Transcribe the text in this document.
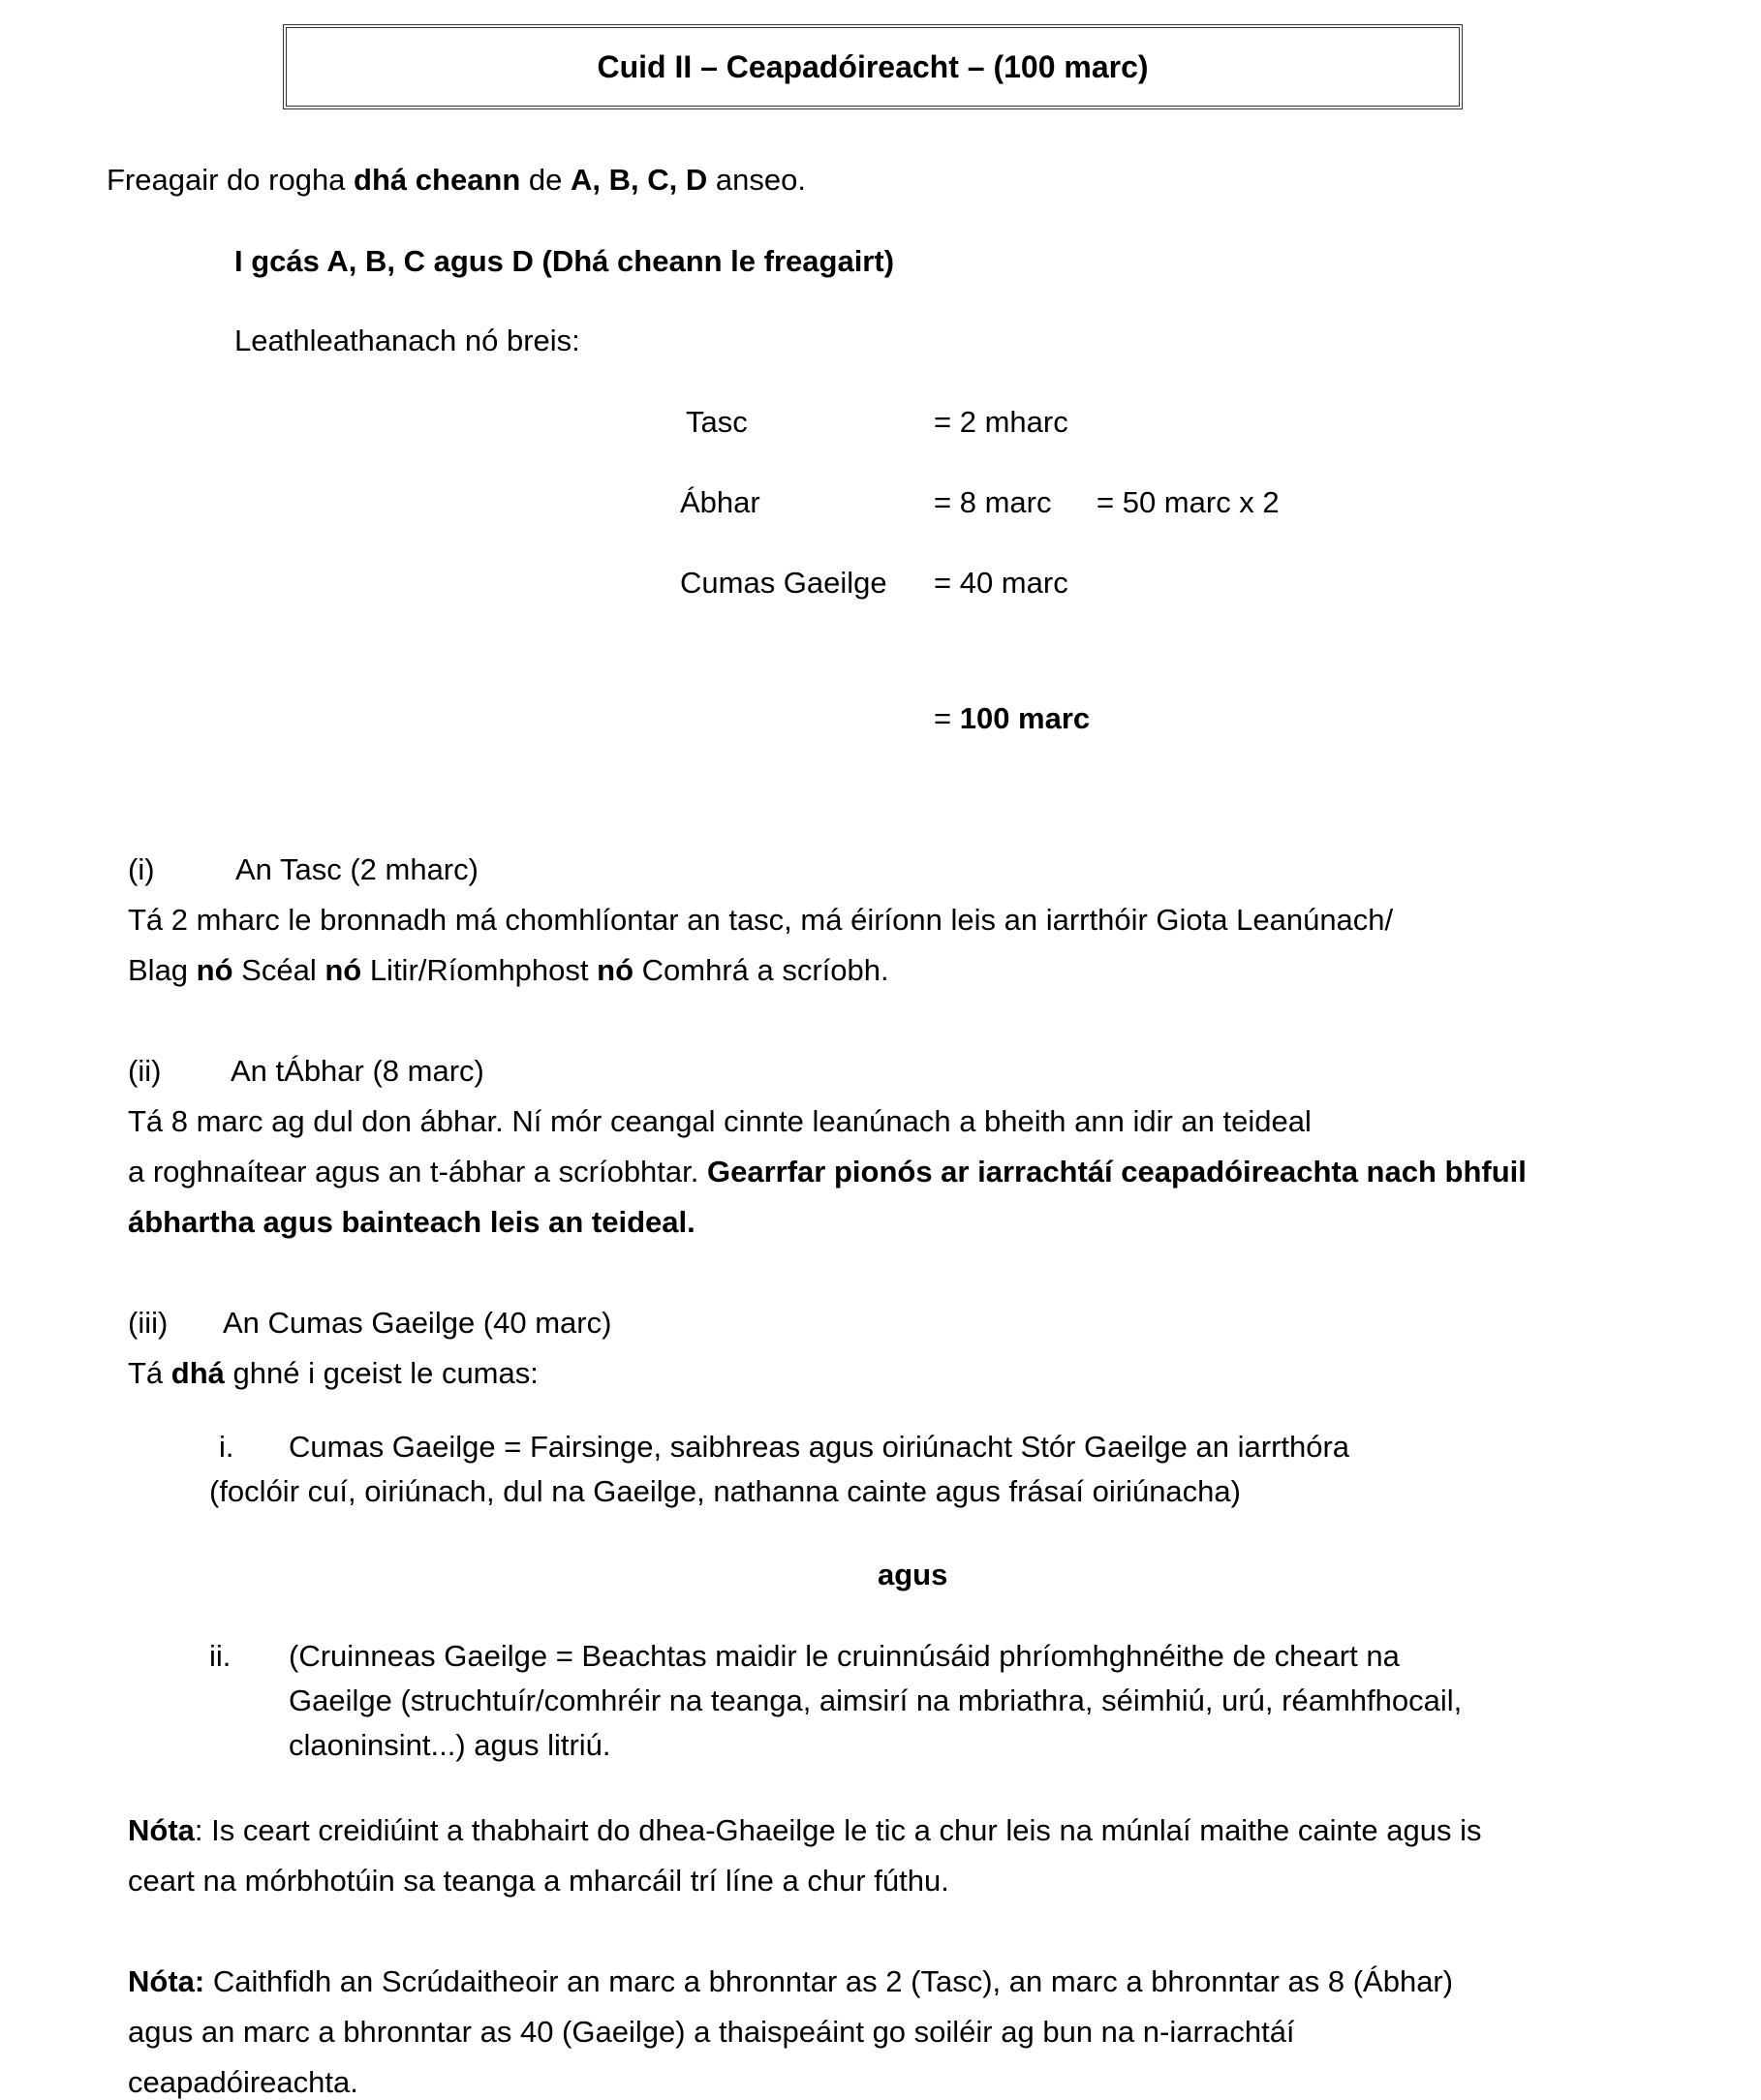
Cuid II – Ceapadóireacht – (100 marc)
Freagair do rogha dhá cheann de A, B, C, D anseo.
I gcás A, B, C agus D (Dhá cheann le freagairt)
Leathleathanach nó breis:
Tasc	= 2 mharc
Ábhar	= 8 marc = 50 marc x 2
Cumas Gaeilge = 40 marc
= 100 marc
(i)	An Tasc (2 mharc)
Tá 2 mharc le bronnadh má chomhlíontar an tasc, má éiríonn leis an iarrthóir Giota Leanúnach/
Blag nó Scéal nó Litir/Ríomhphost nó Comhrá a scríobh.
(ii) An tÁbhar (8 marc)
Tá 8 marc ag dul don ábhar. Ní mór ceangal cinnte leanúnach a bheith ann idir an teideal
a roghnaítear agus an t-ábhar a scríobhtar. Gearrfar pionós ar iarrachtáí ceapadóireachta nach bhfuil
ábhartha agus bainteach leis an teideal.
(iii) An Cumas Gaeilge (40 marc)
Tá dhá ghné i gceist le cumas:
i. Cumas Gaeilge = Fairsinge, saibhreas agus oiriúnacht Stór Gaeilge an iarrthóra
(foclóir cuí, oiriúnach, dul na Gaeilge, nathanna cainte agus frásaí oiriúnacha)
agus
ii. (Cruinneas Gaeilge = Beachtas maidir le cruinnúsáid phríomhghnéithe de cheart na
Gaeilge (struchtuír/comhréir na teanga, aimsirí na mbriathra, séimhiú, urú, réamhfhocail,
claoninsint...) agus litriú.
Nóta: Is ceart creidiúint a thabhairt do dhea-Ghaeilge le tic a chur leis na múnlaí maithe cainte agus is
ceart na mórbhotúin sa teanga a mharcáil trí líne a chur fúthu.
Nóta: Caithfidh an Scrúdaitheoir an marc a bhronntar as 2 (Tasc), an marc a bhronntar as 8 (Ábhar)
agus an marc a bhronntar as 40 (Gaeilge) a thaispeáint go soiléir ag bun na n-iarrachtáí
ceapadóireachta.
